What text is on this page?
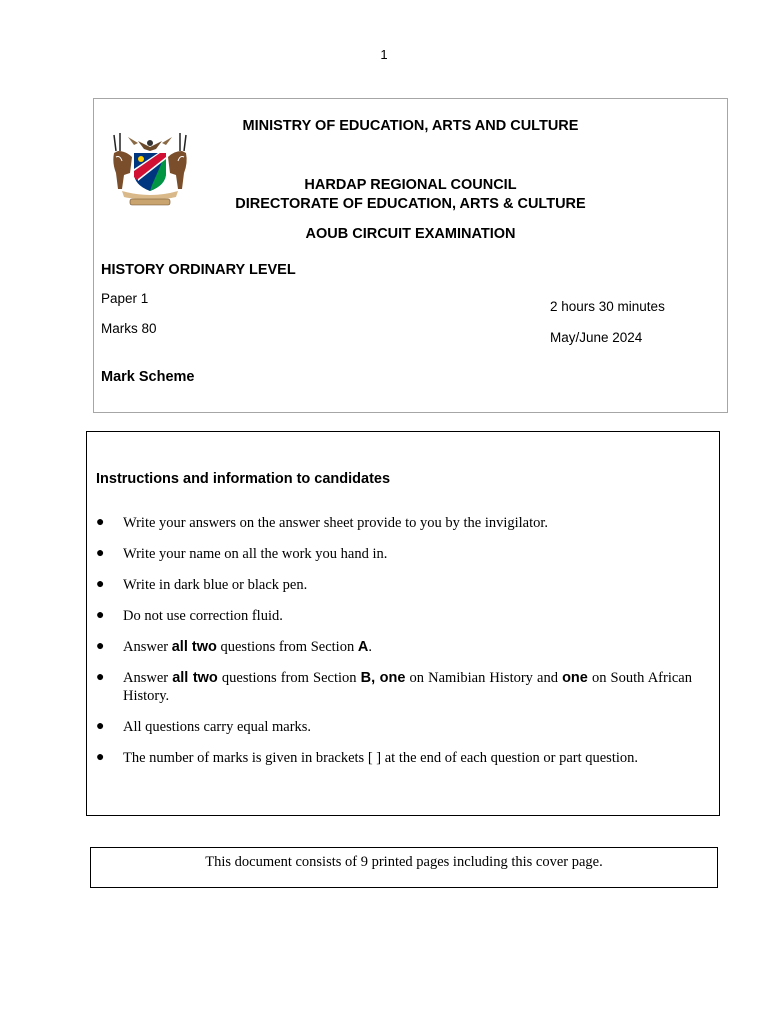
1
MINISTRY OF EDUCATION, ARTS AND CULTURE
HARDAP REGIONAL COUNCIL
DIRECTORATE OF EDUCATION, ARTS & CULTURE
AOUB CIRCUIT EXAMINATION
HISTORY ORDINARY LEVEL
Paper 1
Marks 80
2 hours 30 minutes
May/June 2024
Mark Scheme
Instructions and information to candidates
● Write your answers on the answer sheet provide to you by the invigilator.
● Write your name on all the work you hand in.
● Write in dark blue or black pen.
● Do not use correction fluid.
● Answer all two questions from Section A.
● Answer all two questions from Section B, one on Namibian History and one on South African History.
● All questions carry equal marks.
● The number of marks is given in brackets [ ] at the end of each question or part question.
This document consists of 9 printed pages including this cover page.
